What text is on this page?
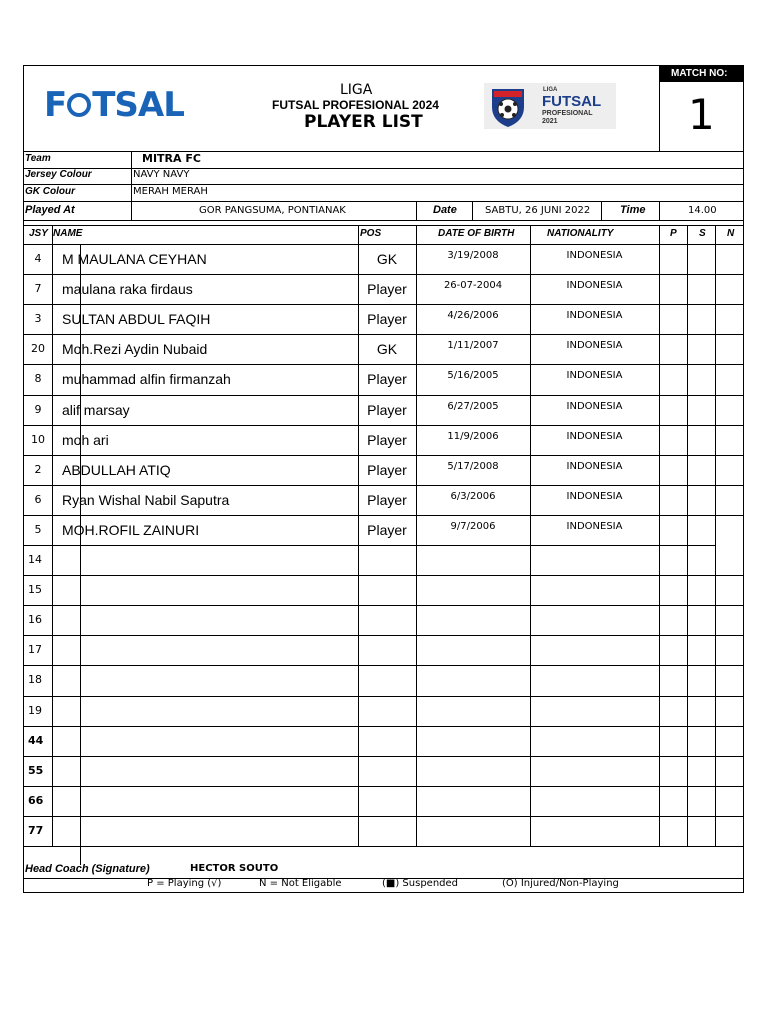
F TSAL	LIGA
FUTSAL PROFESIONAL 2024
PLAYER LIST
LIGA
FUTSAL
PROFESIONAL
2021
MATCH NO:
1
Team	MITRA FC
Jersey Colour	NAVY NAVY
GK Colour	MERAH MERAH
Played At	GOR PANGSUMA, PONTIANAK	Date	SABTU, 26 JUNI 2022	Time	14.00
JSY NAME	POS	DATE OF BIRTH	NATIONALITY	P S N
4	M MAULANA CEYHAN	GK	3/19/2008	INDONESIA
7	maulana raka firdaus	Player	26-07-2004	INDONESIA
3	SULTAN ABDUL FAQIH	Player	4/26/2006	INDONESIA
20	Moh.Rezi Aydin Nubaid	GK	1/11/2007	INDONESIA
8	muhammad alfin firmanzah	Player	5/16/2005	INDONESIA
9	alif marsay	Player	6/27/2005	INDONESIA
10	moh ari	Player	11/9/2006	INDONESIA
2	ABDULLAH ATIQ	Player	5/17/2008	INDONESIA
6	Ryan Wishal Nabil Saputra	Player	6/3/2006	INDONESIA
5	MOH.ROFIL ZAINURI	Player	9/7/2006	INDONESIA
14
15
16
17
18
19
44
55
66
77
Head Coach (Signature)	HECTOR SOUTO
P = Playing (√)	N = Not Eligable	(■) Suspended	(O) Injured/Non-Playing
